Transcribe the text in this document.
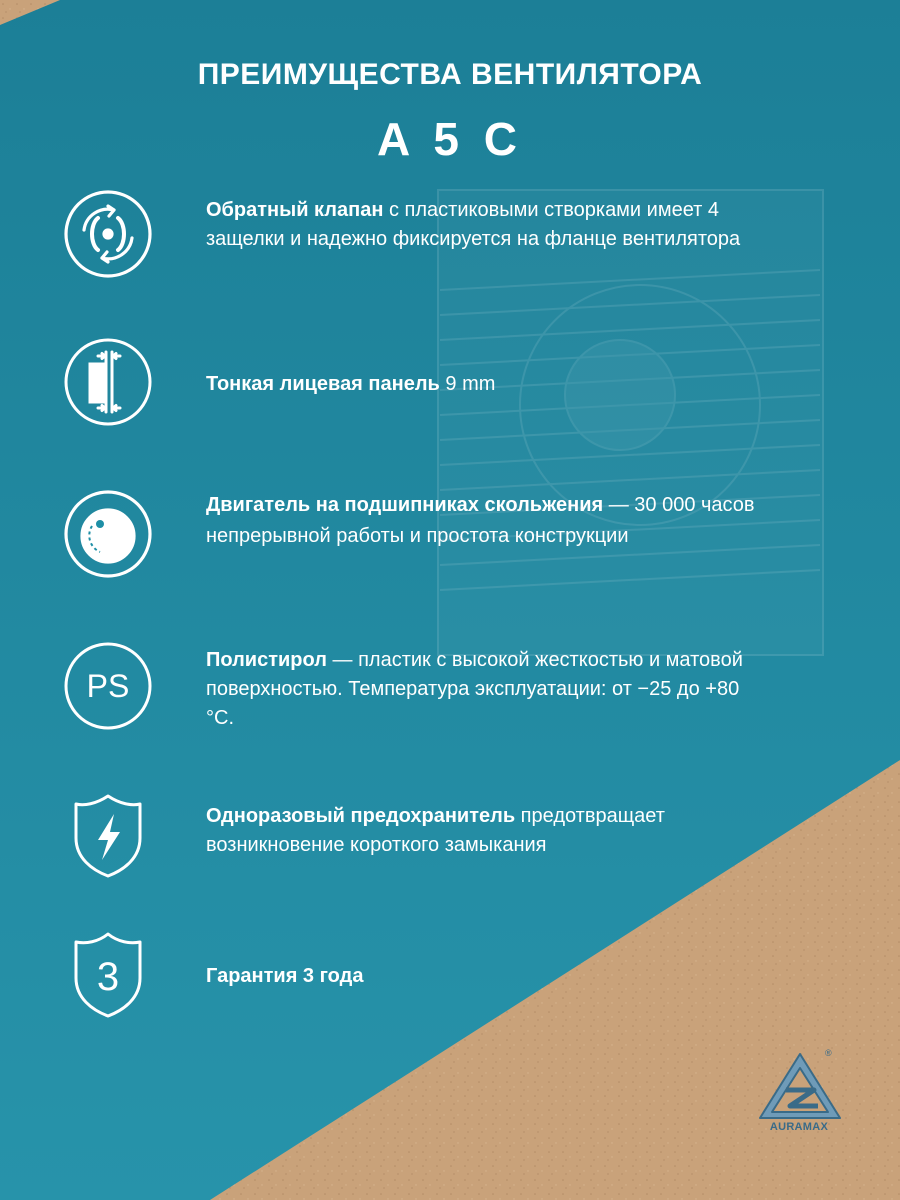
ПРЕИМУЩЕСТВА ВЕНТИЛЯТОРА
A 5 C
Обратный клапан с пластиковыми створками имеет 4 защелки и надежно фиксируется на фланце вентилятора
Тонкая лицевая панель 9 mm
Двигатель на подшипниках скольжения — 30 000 часов непрерывной работы и простота конструкции
PS
Полистирол — пластик с высокой жесткостью и матовой поверхностью. Температура эксплуатации: от −25 до +80 °C.
Одноразовый предохранитель предотвращает возникновение короткого замыкания
3	Гарантия 3 года
®
AURAMAX
